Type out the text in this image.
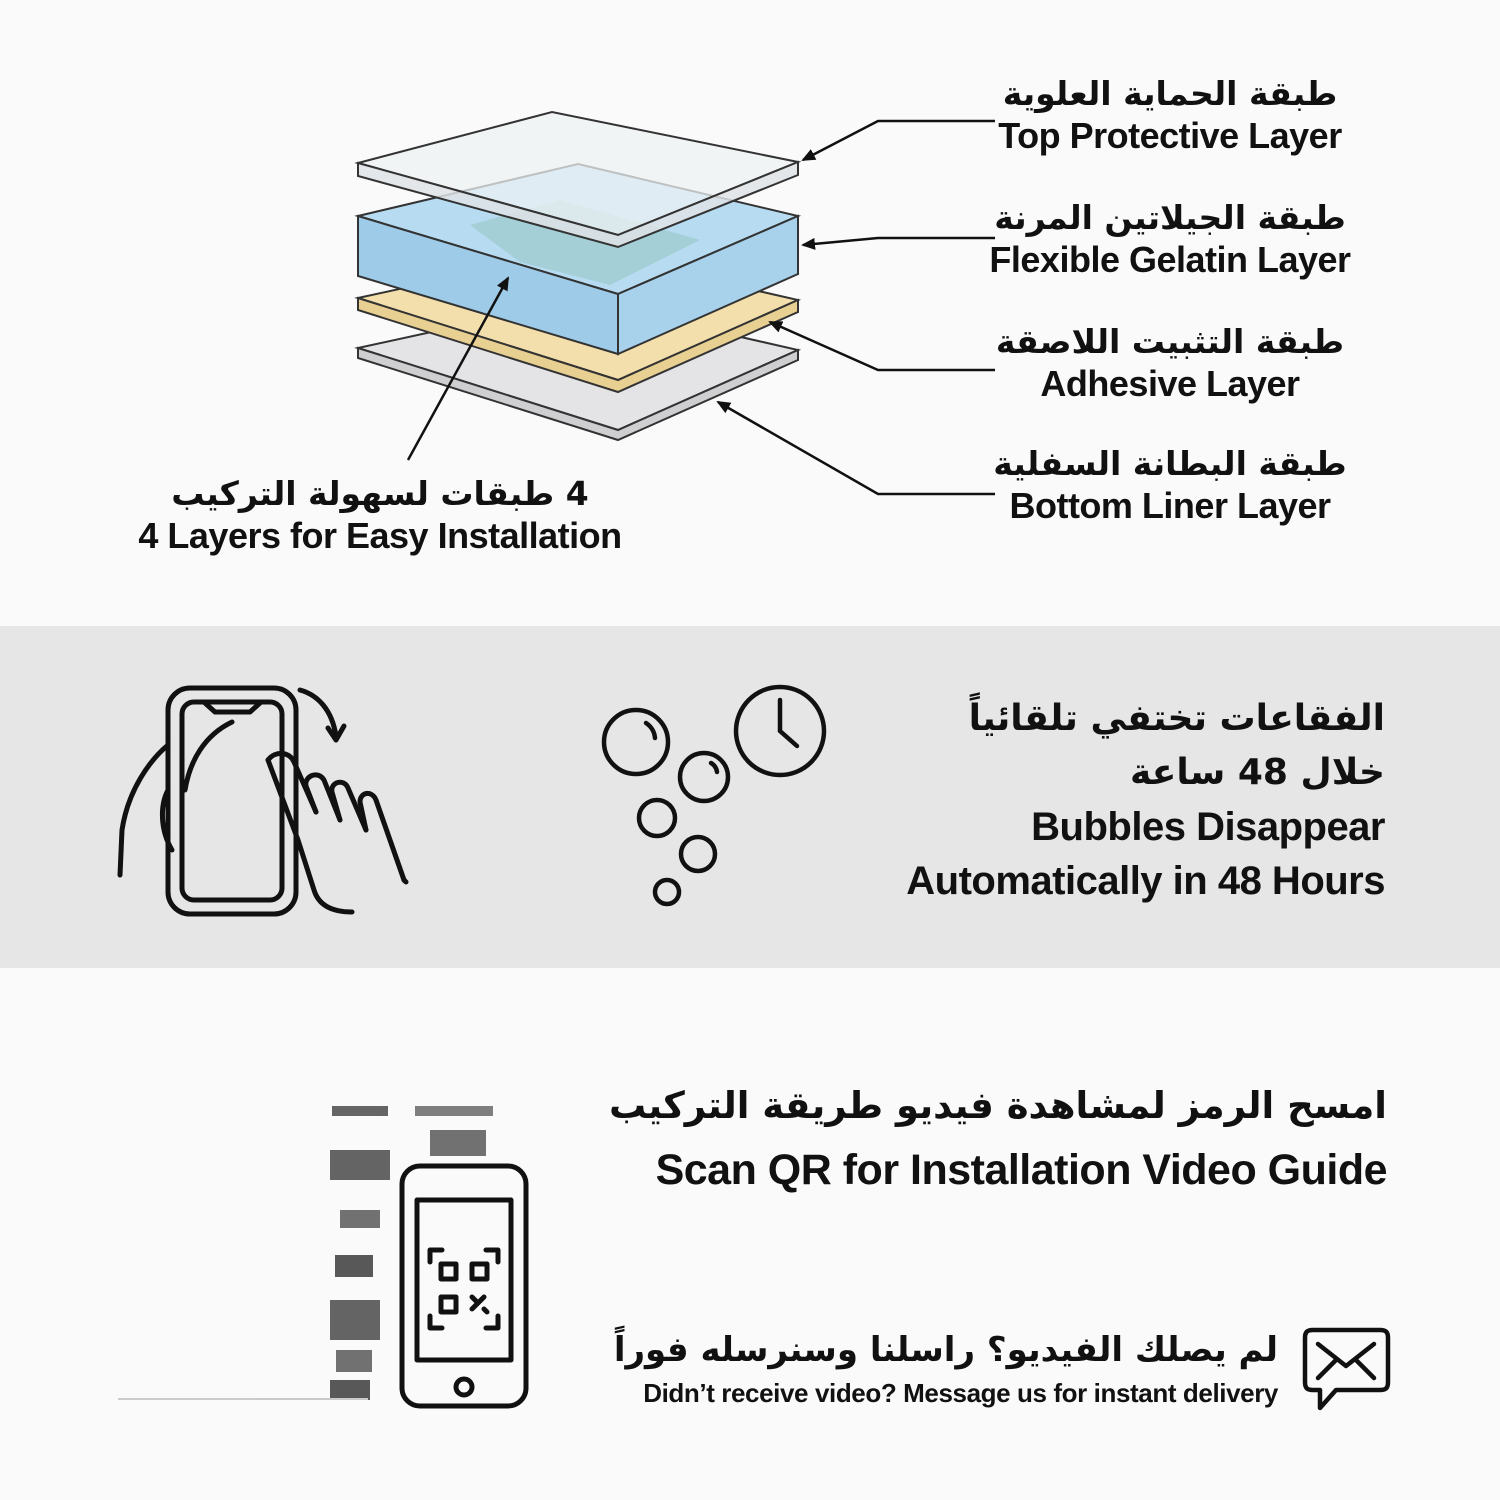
طبقة الحماية العلوية
Top Protective Layer
طبقة الجيلاتين المرنة
Flexible Gelatin Layer
طبقة التثبيت اللاصقة
Adhesive Layer
طبقة البطانة السفلية
Bottom Liner Layer
4 طبقات لسهولة التركيب
4 Layers for Easy Installation
الفقاعات تختفي تلقائياً
خلال 48 ساعة
Bubbles Disappear
Automatically in 48 Hours
امسح الرمز لمشاهدة فيديو طريقة التركيب
Scan QR for Installation Video Guide
لم يصلك الفيديو؟ راسلنا وسنرسله فوراً
Didn’t receive video? Message us for instant delivery
